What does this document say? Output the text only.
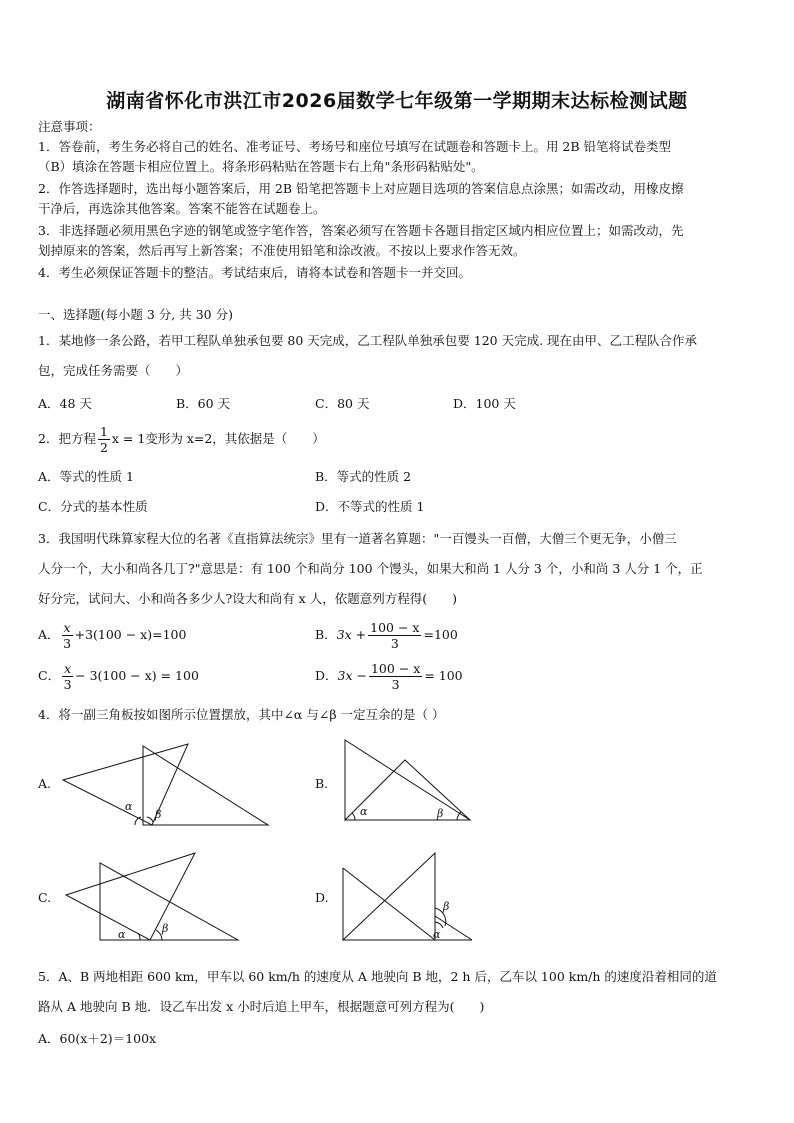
湖南省怀化市洪江市2026届数学七年级第一学期期末达标检测试题
注意事项：
1．答卷前，考生务必将自己的姓名、准考证号、考场号和座位号填写在试题卷和答题卡上。用 2B 铅笔将试卷类型
（B）填涂在答题卡相应位置上。将条形码粘贴在答题卡右上角"条形码粘贴处"。
2．作答选择题时，选出每小题答案后，用 2B 铅笔把答题卡上对应题目选项的答案信息点涂黑；如需改动，用橡皮擦
干净后，再选涂其他答案。答案不能答在试题卷上。
3．非选择题必须用黑色字迹的钢笔或签字笔作答，答案必须写在答题卡各题目指定区域内相应位置上；如需改动，先
划掉原来的答案，然后再写上新答案；不准使用铅笔和涂改液。不按以上要求作答无效。
4．考生必须保证答题卡的整洁。考试结束后，请将本试卷和答题卡一并交回。
一、选择题(每小题 3 分, 共 30 分)
1．某地修一条公路，若甲工程队单独承包要 80 天完成，乙工程队单独承包要 120 天完成. 现在由甲、乙工程队合作承
包，完成任务需要（　　）
A．48 天	B．60 天	C．80 天	D．100 天
2．把方程 $\frac{1}{2}$ x = 1变形为 x=2，其依据是（　　）
A．等式的性质 1	B．等式的性质 2
C．分式的基本性质	D．不等式的性质 1
3．我国明代珠算家程大位的名著《直指算法统宗》里有一道著名算题："一百馒头一百僧，大僧三个更无争，小僧三
人分一个，大小和尚各几丁?"意思是：有 100 个和尚分 100 个馒头，如果大和尚 1 人分 3 个，小和尚 3 人分 1 个，正
好分完，试问大、小和尚各多少人?设大和尚有 x 人，依题意列方程得(　　)
A． $\frac{x}{3} +3(100 - x)=100$	B．$3x + \frac{100 - x}{3} =100$
C． $\frac{x}{3} - 3(100 - x) = 100$	D．$3x - \frac{100 - x}{3} = 100$
4．将一副三角板按如图所示位置摆放，其中∠α 与∠β 一定互余的是（ ）
A.	B.
C.	D.
α
β	α	β
α	β	α
β
5．A、B 两地相距 600 km，甲车以 60 km/h 的速度从 A 地驶向 B 地，2 h 后，乙车以 100 km/h 的速度沿着相同的道
路从 A 地驶向 B 地．设乙车出发 x 小时后追上甲车，根据题意可列方程为(　　)
A．60(x＋2)＝100x
